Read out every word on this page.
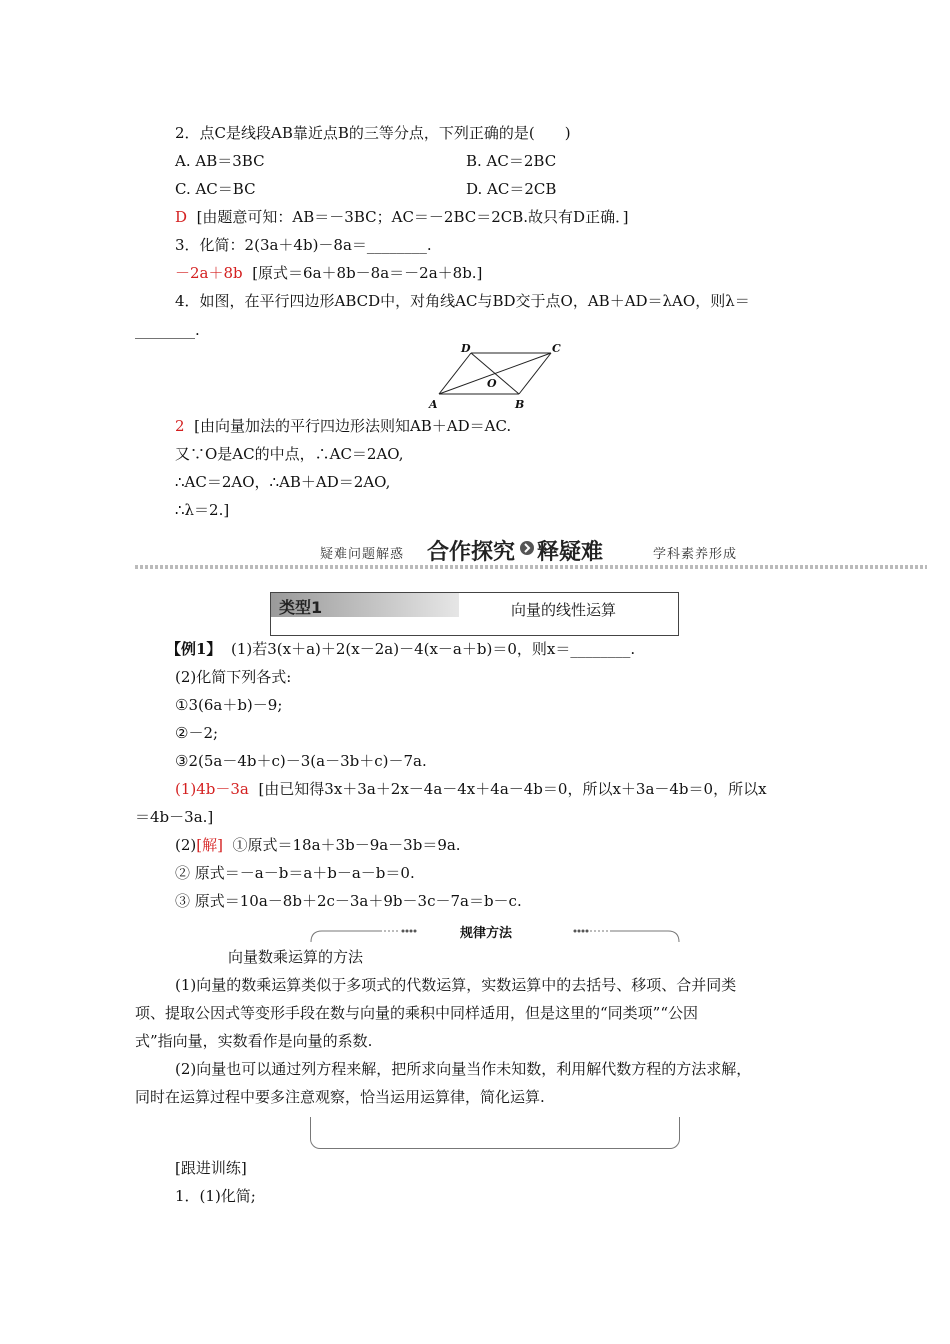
2．点C是线段AB靠近点B的三等分点，下列正确的是(　　)
A. AB＝3BC	B. AC＝2BC
C. AC＝BC	D. AC＝2CB
D [由题意可知：AB＝－3BC；AC＝－2BC＝2CB.故只有D正确．]
3．化简：2(3a＋4b)－8a＝________.
－2a＋8b [原式＝6a＋8b－8a＝－2a＋8b.]
4．如图，在平行四边形ABCD中，对角线AC与BD交于点O，AB＋AD＝λAO，则λ＝
________.
A	B
C
D
O
2 [由向量加法的平行四边形法则知AB＋AD＝AC.
又∵O是AC的中点，∴AC＝2AO,
∴AC＝2AO，∴AB＋AD＝2AO,
∴λ＝2.]
疑难问题解惑 合作探究 释疑难	学科素养形成
类型1	向量的线性运算
【例1】 (1)若3(x＋a)＋2(x－2a)－4(x－a＋b)＝0，则x＝________.
(2)化简下列各式:
①3(6a＋b)－9;
②－2;
③2(5a－4b＋c)－3(a－3b＋c)－7a.
(1)4b－3a [由已知得3x＋3a＋2x－4a－4x＋4a－4b＝0，所以x＋3a－4b＝0，所以x
＝4b－3a.]
(2)[解] ①原式＝18a＋3b－9a－3b＝9a.
② 原式＝－a－b＝a＋b－a－b＝0.
③ 原式＝10a－8b＋2c－3a＋9b－3c－7a＝b－c.
规律方法
向量数乘运算的方法
(1)向量的数乘运算类似于多项式的代数运算，实数运算中的去括号、移项、合并同类
项、提取公因式等变形手段在数与向量的乘积中同样适用，但是这里的“同类项”“公因
式”指向量，实数看作是向量的系数.
(2)向量也可以通过列方程来解，把所求向量当作未知数，利用解代数方程的方法求解，
同时在运算过程中要多注意观察，恰当运用运算律，简化运算.
[跟进训练]
1．(1)化简;
